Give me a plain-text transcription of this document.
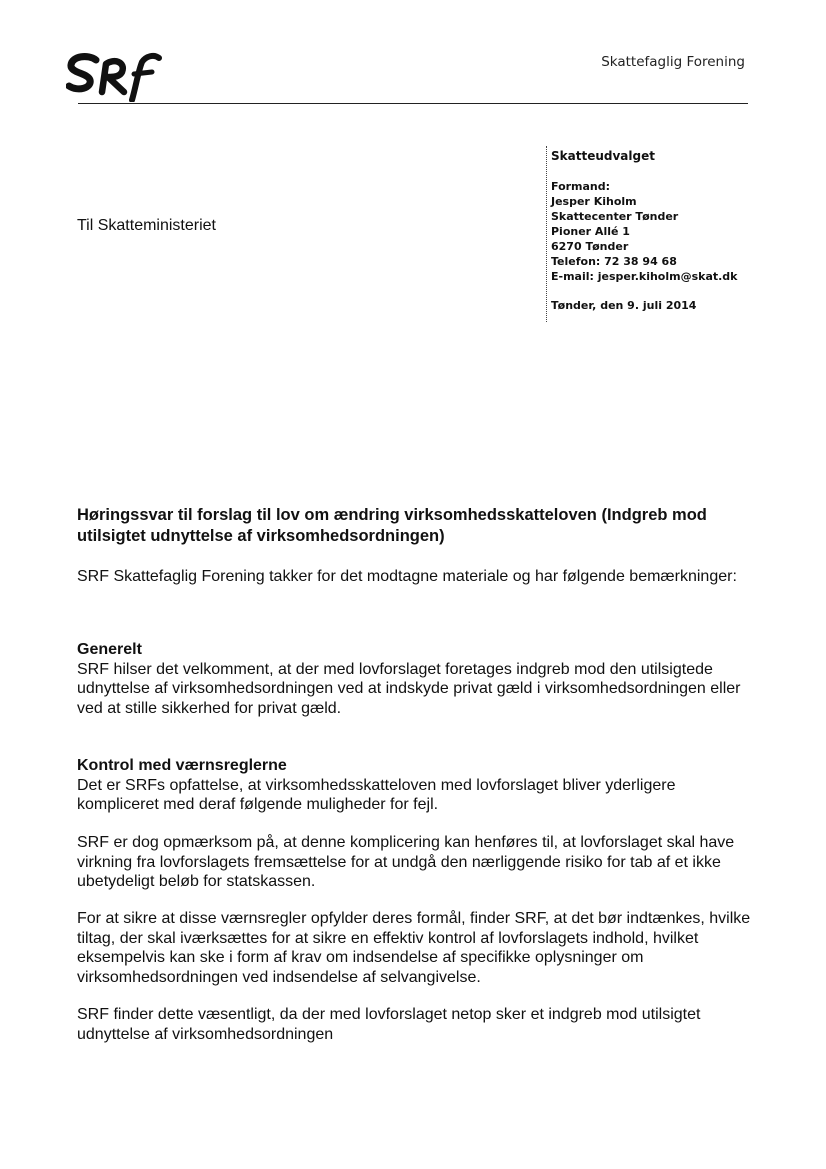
Skattefaglig Forening
Til Skatteministeriet
Skatteudvalget
Formand:
Jesper Kiholm
Skattecenter Tønder
Pioner Allé 1
6270 Tønder
Telefon: 72 38 94 68
E-mail: jesper.kiholm@skat.dk
Tønder, den 9. juli 2014
Høringssvar til forslag til lov om ændring virksomhedsskatteloven (Indgreb mod utilsigtet udnyttelse af virksomhedsordningen)
SRF Skattefaglig Forening takker for det modtagne materiale og har følgende bemærkninger:
Generelt
SRF hilser det velkomment, at der med lovforslaget foretages indgreb mod den utilsigtede udnyttelse af virksomhedsordningen ved at indskyde privat gæld i virksomhedsordningen eller ved at stille sikkerhed for privat gæld.
Kontrol med værnsreglerne
Det er SRFs opfattelse, at virksomhedsskatteloven med lovforslaget bliver yderligere kompliceret med deraf følgende muligheder for fejl.
SRF er dog opmærksom på, at denne komplicering kan henføres til, at lovforslaget skal have virkning fra lovforslagets fremsættelse for at undgå den nærliggende risiko for tab af et ikke ubetydeligt beløb for statskassen.
For at sikre at disse værnsregler opfylder deres formål, finder SRF, at det bør indtænkes, hvilke tiltag, der skal iværksættes for at sikre en effektiv kontrol af lovforslagets indhold, hvilket eksempelvis kan ske i form af krav om indsendelse af specifikke oplysninger om virksomhedsordningen ved indsendelse af selvangivelse.
SRF finder dette væsentligt, da der med lovforslaget netop sker et indgreb mod utilsigtet udnyttelse af virksomhedsordningen
